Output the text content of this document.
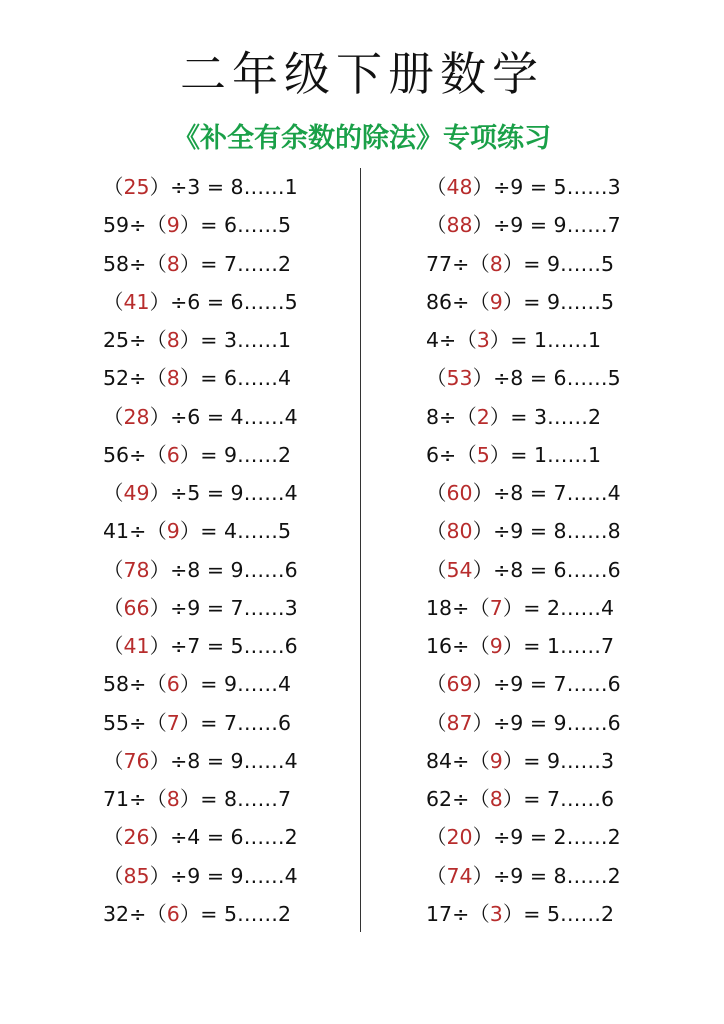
二年级下册数学
《补全有余数的除法》专项练习
（25）÷3 = 8……1
59÷（9）= 6……5
58÷（8）= 7……2
（41）÷6 = 6……5
25÷（8）= 3……1
52÷（8）= 6……4
（28）÷6 = 4……4
56÷（6）= 9……2
（49）÷5 = 9……4
41÷（9）= 4……5
（78）÷8 = 9……6
（66）÷9 = 7……3
（41）÷7 = 5……6
58÷（6）= 9……4
55÷（7）= 7……6
（76）÷8 = 9……4
71÷（8）= 8……7
（26）÷4 = 6……2
（85）÷9 = 9……4
32÷（6）= 5……2
（48）÷9 = 5……3
（88）÷9 = 9……7
77÷（8）= 9……5
86÷（9）= 9……5
4÷（3）= 1……1
（53）÷8 = 6……5
8÷（2）= 3……2
6÷（5）= 1……1
（60）÷8 = 7……4
（80）÷9 = 8……8
（54）÷8 = 6……6
18÷（7）= 2……4
16÷（9）= 1……7
（69）÷9 = 7……6
（87）÷9 = 9……6
84÷（9）= 9……3
62÷（8）= 7……6
（20）÷9 = 2……2
（74）÷9 = 8……2
17÷（3）= 5……2
